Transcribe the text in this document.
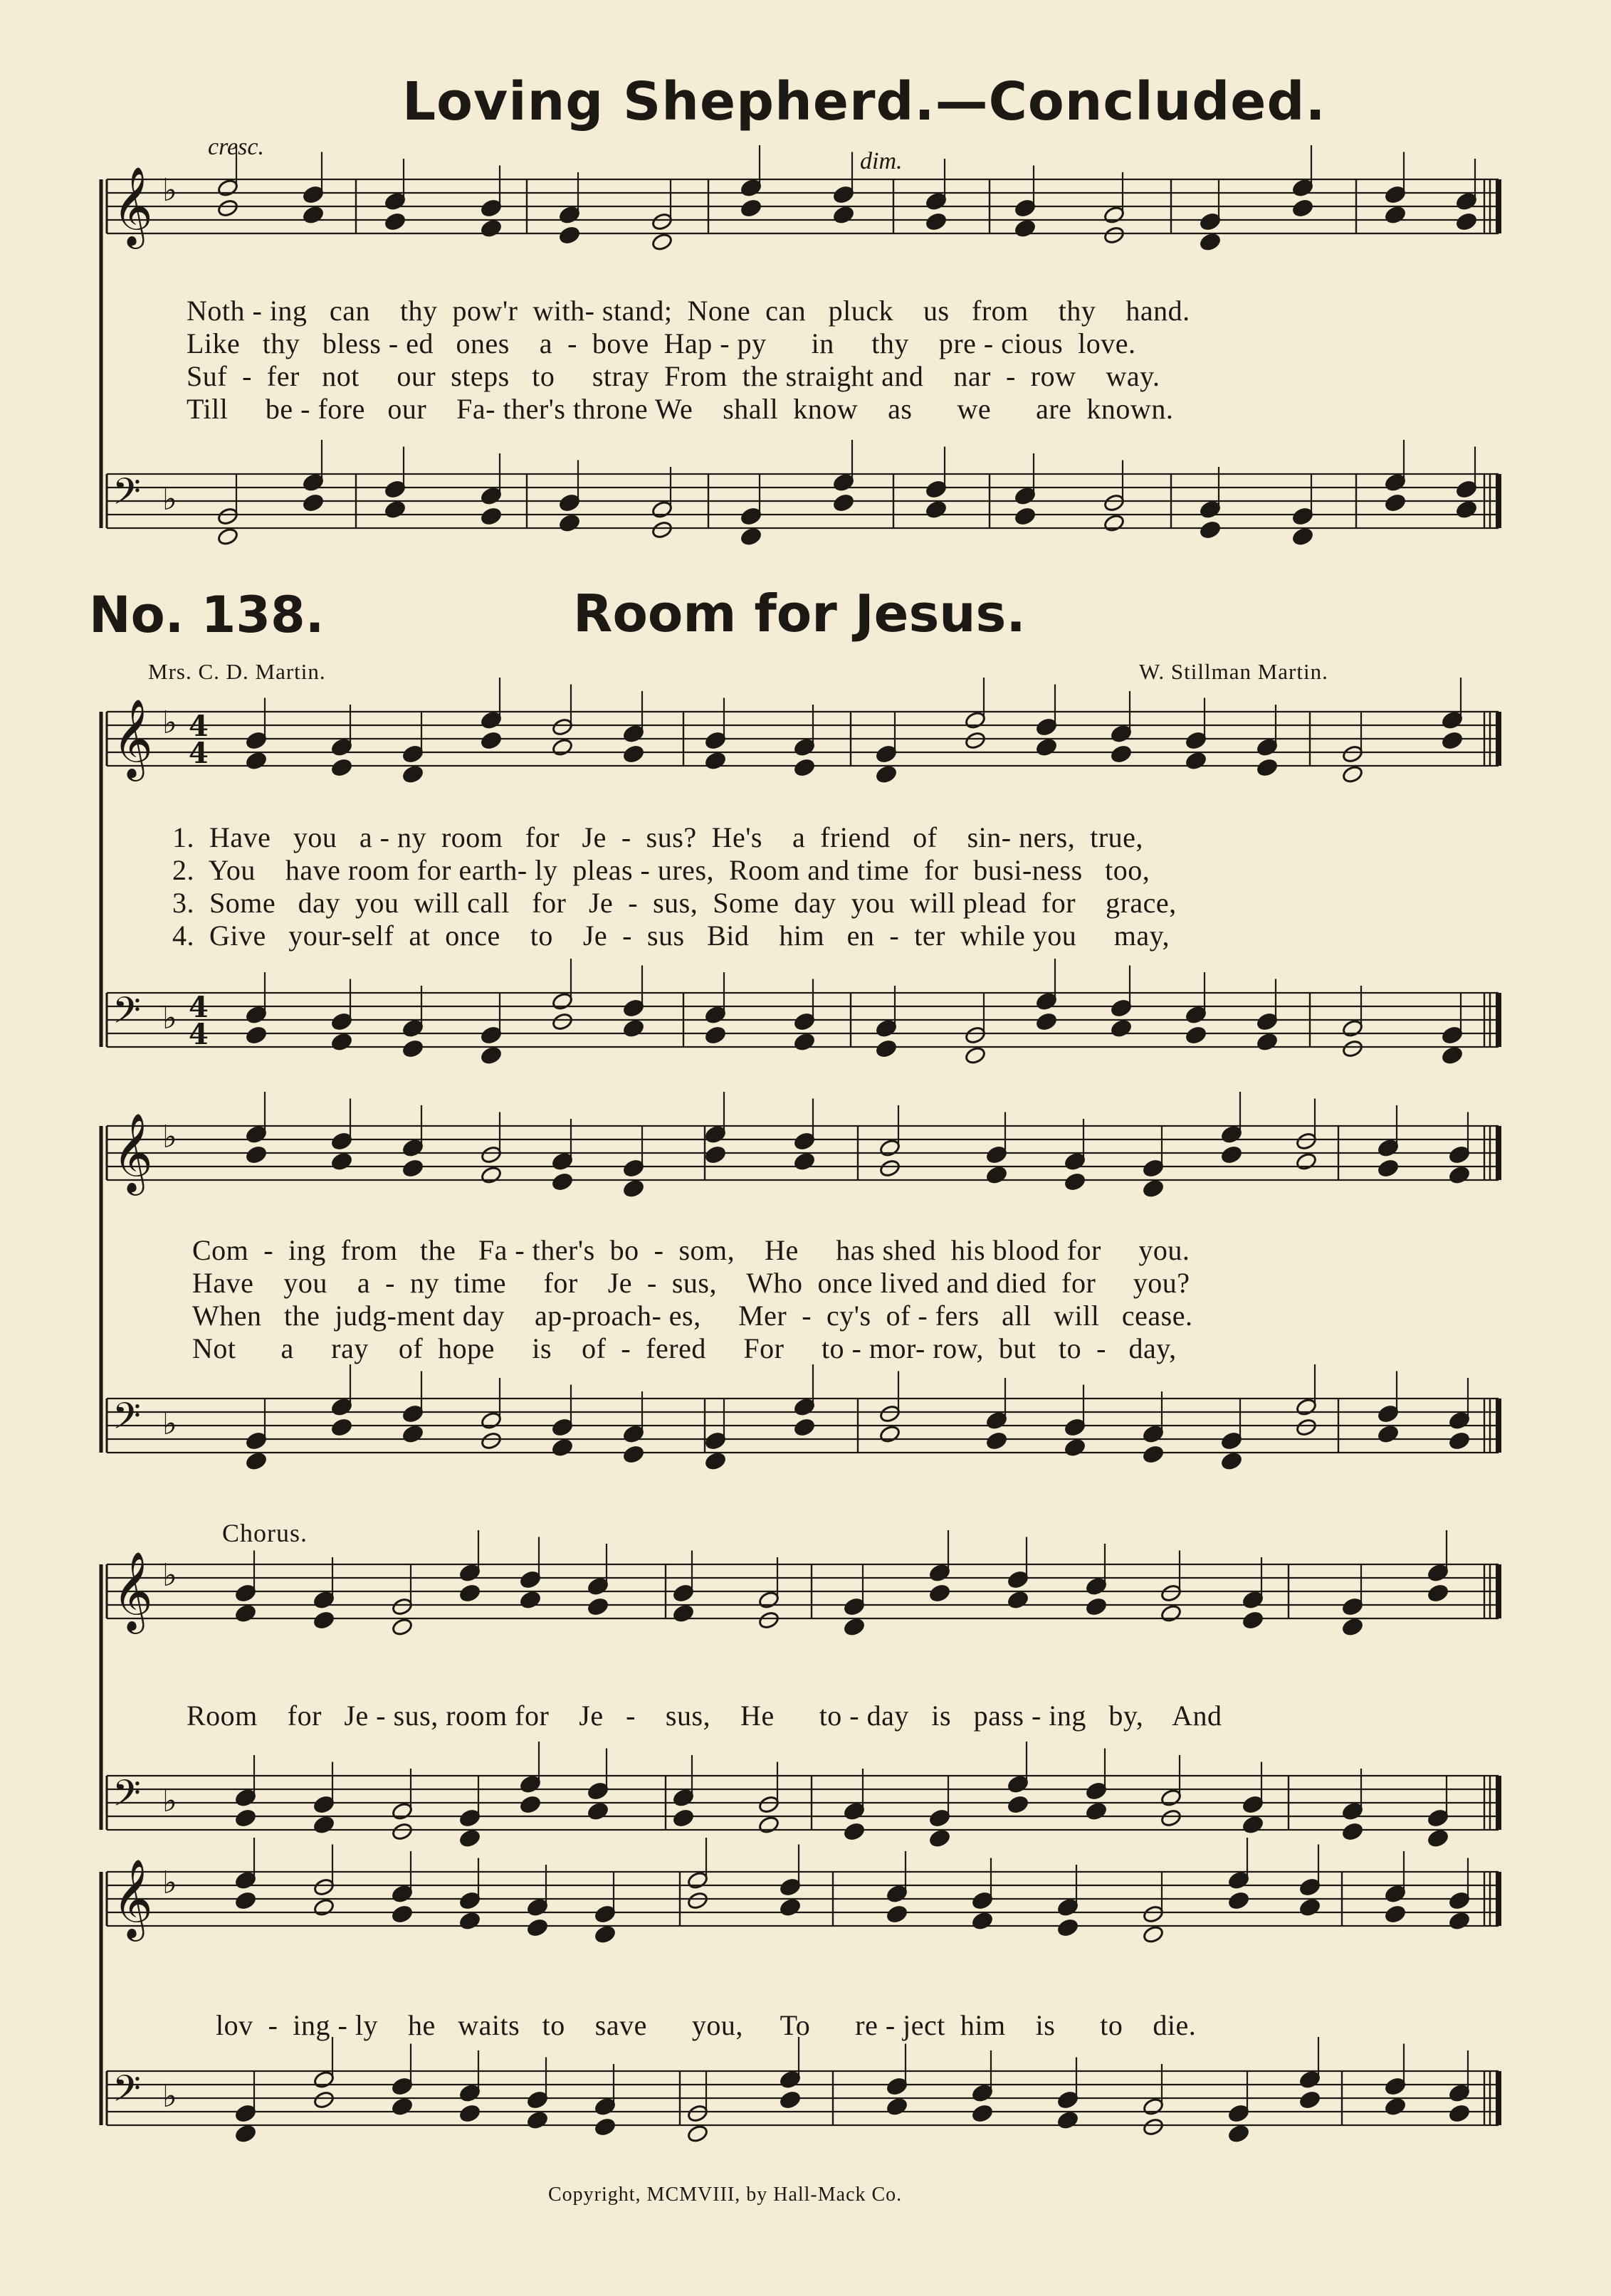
Loving Shepherd.—Concluded.
No. 138.	Room for Jesus.
Mrs. C. D. Martin.	W. Stillman Martin.
cresc.
dim.
Chorus.
𝄞 ♭
𝄢 ♭
𝄞 ♭ 4
4
𝄢 ♭ 4
4
𝄞 ♭
𝄢 ♭
𝄞 ♭
𝄢 ♭
𝄞 ♭
𝄢 ♭
Noth - ing   can    thy  pow'r  with- stand;  None  can   pluck    us   from    thy    hand.
Like   thy   bless - ed   ones    a  -  bove  Hap - py      in     thy    pre - cious  love.
Suf  -  fer   not     our  steps   to     stray  From  the straight and    nar  -  row    way.
Till     be - fore   our    Fa- ther's throne We    shall  know    as      we      are  known.
1.  Have   you   a - ny  room   for   Je  -  sus?  He's    a  friend   of    sin- ners,  true,
2.  You    have room for earth- ly  pleas - ures,  Room and time  for  busi-ness   too,
3.  Some   day  you  will call   for   Je  -  sus,  Some  day  you  will plead  for    grace,
4.  Give   your-self  at  once    to    Je  -  sus   Bid    him   en  -  ter  while you     may,
Com  -  ing  from   the   Fa - ther's  bo  -  som,    He     has shed  his blood for     you.
Have    you    a  -  ny  time     for    Je  -  sus,    Who  once lived and died  for     you?
When   the  judg-ment day    ap-proach- es,     Mer  -  cy's  of - fers   all   will   cease.
Not      a     ray    of  hope     is    of  -  fered     For     to - mor- row,  but   to  -   day,
Room    for   Je - sus, room for    Je   -    sus,    He      to - day   is   pass - ing   by,    And
lov  -  ing - ly    he   waits   to    save      you,     To      re - ject  him    is      to    die.
Copyright, MCMVIII, by Hall-Mack Co.
